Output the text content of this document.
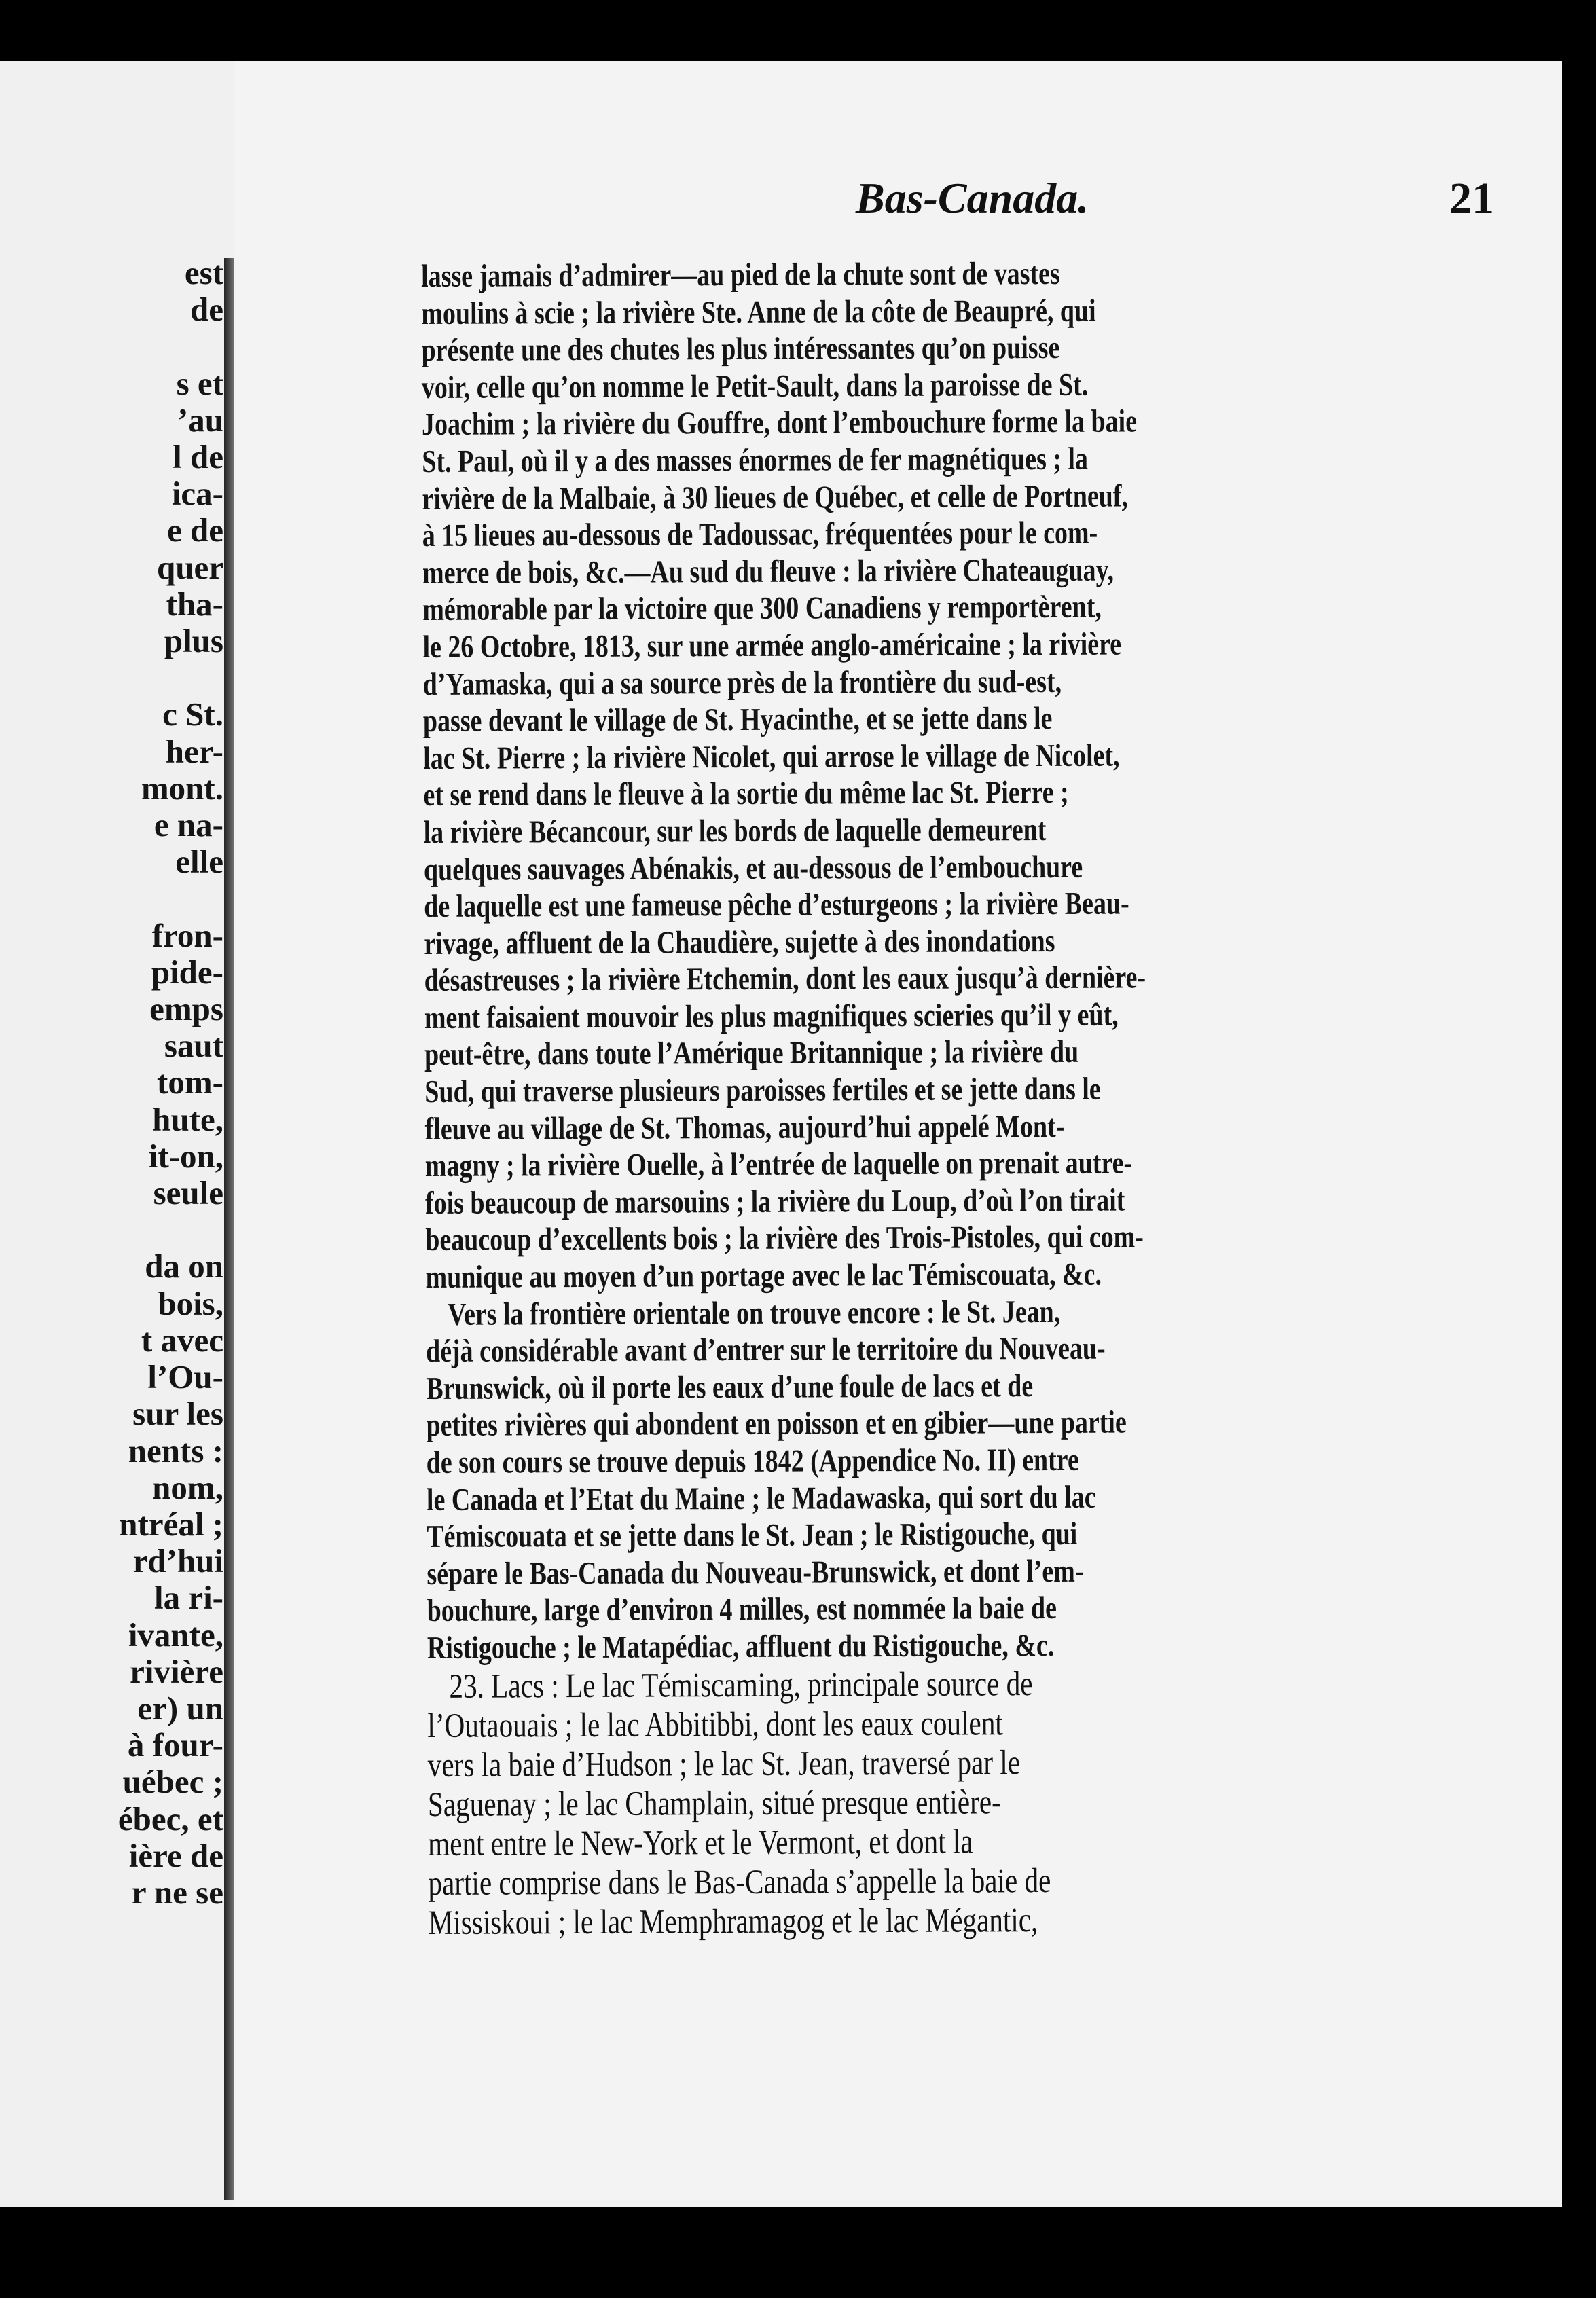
est
de

s et
’au
l de
ica-
e de
quer
tha-
plus

c St.
her-
mont.
e na-
elle

fron-
pide-
emps
saut
tom-
hute,
it-on,
seule

da on
bois,
t avec
l’Ou-
sur les
nents :
nom,
ntréal ;
rd’hui
la ri-
ivante,
rivière
er) un
à four-
uébec ;
ébec, et
ière de
r ne se
Bas-Canada.	21
lasse jamais d’admirer—au pied de la chute sont de vastes
moulins à scie ; la rivière Ste. Anne de la côte de Beaupré, qui
présente une des chutes les plus intéressantes qu’on puisse
voir, celle qu’on nomme le Petit-Sault, dans la paroisse de St.
Joachim ; la rivière du Gouffre, dont l’embouchure forme la baie
St. Paul, où il y a des masses énormes de fer magnétiques ; la
rivière de la Malbaie, à 30 lieues de Québec, et celle de Portneuf,
à 15 lieues au-dessous de Tadoussac, fréquentées pour le com-
merce de bois, &c.—Au sud du fleuve : la rivière Chateauguay,
mémorable par la victoire que 300 Canadiens y remportèrent,
le 26 Octobre, 1813, sur une armée anglo-américaine ; la rivière
d’Yamaska, qui a sa source près de la frontière du sud-est,
passe devant le village de St. Hyacinthe, et se jette dans le
lac St. Pierre ; la rivière Nicolet, qui arrose le village de Nicolet,
et se rend dans le fleuve à la sortie du même lac St. Pierre ;
la rivière Bécancour, sur les bords de laquelle demeurent
quelques sauvages Abénakis, et au-dessous de l’embouchure
de laquelle est une fameuse pêche d’esturgeons ; la rivière Beau-
rivage, affluent de la Chaudière, sujette à des inondations
désastreuses ; la rivière Etchemin, dont les eaux jusqu’à dernière-
ment faisaient mouvoir les plus magnifiques scieries qu’il y eût,
peut-être, dans toute l’Amérique Britannique ; la rivière du
Sud, qui traverse plusieurs paroisses fertiles et se jette dans le
fleuve au village de St. Thomas, aujourd’hui appelé Mont-
magny ; la rivière Ouelle, à l’entrée de laquelle on prenait autre-
fois beaucoup de marsouins ; la rivière du Loup, d’où l’on tirait
beaucoup d’excellents bois ; la rivière des Trois-Pistoles, qui com-
munique au moyen d’un portage avec le lac Témiscouata, &c.
Vers la frontière orientale on trouve encore : le St. Jean,
déjà considérable avant d’entrer sur le territoire du Nouveau-
Brunswick, où il porte les eaux d’une foule de lacs et de
petites rivières qui abondent en poisson et en gibier—une partie
de son cours se trouve depuis 1842 (Appendice No. II) entre
le Canada et l’Etat du Maine ; le Madawaska, qui sort du lac
Témiscouata et se jette dans le St. Jean ; le Ristigouche, qui
sépare le Bas-Canada du Nouveau-Brunswick, et dont l’em-
bouchure, large d’environ 4 milles, est nommée la baie de
Ristigouche ; le Matapédiac, affluent du Ristigouche, &c.
23. Lacs : Le lac Témiscaming, principale source de
l’Outaouais ; le lac Abbitibbi, dont les eaux coulent
vers la baie d’Hudson ; le lac St. Jean, traversé par le
Saguenay ; le lac Champlain, situé presque entière-
ment entre le New-York et le Vermont, et dont la
partie comprise dans le Bas-Canada s’appelle la baie de
Missiskoui ; le lac Memphramagog et le lac Mégantic,
